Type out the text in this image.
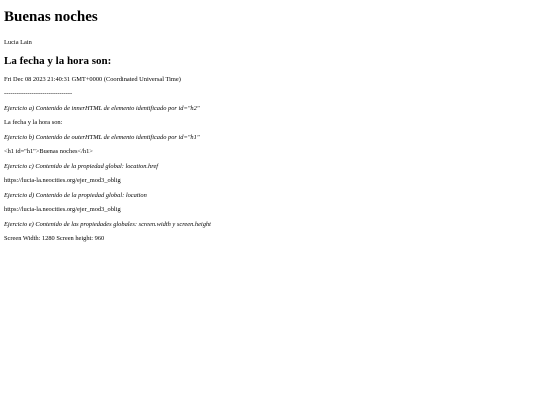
Buenas noches

Lucia Lain

La fecha y la hora son:

Fri Dec 08 2023 21:40:31 GMT+0000 (Coordinated Universal Time)

--------------------------------

Ejercicio a) Contenido de innerHTML de elemento identificado por id="h2"

La fecha y la hora son:

Ejercicio b) Contenido de outerHTML de elemento identificado por id="h1"

<h1 id="h1">Buenas noches</h1>

Ejercicio c) Contenido de la propiedad global: location.href

https://lucia-la.neocities.org/ejer_mod3_oblig

Ejercicio d) Contenido de la propiedad global: location

https://lucia-la.neocities.org/ejer_mod3_oblig

Ejercicio e) Contenido de las propiedades globales: screen.width y screen.height

Screen Width: 1280 Screen height: 960
